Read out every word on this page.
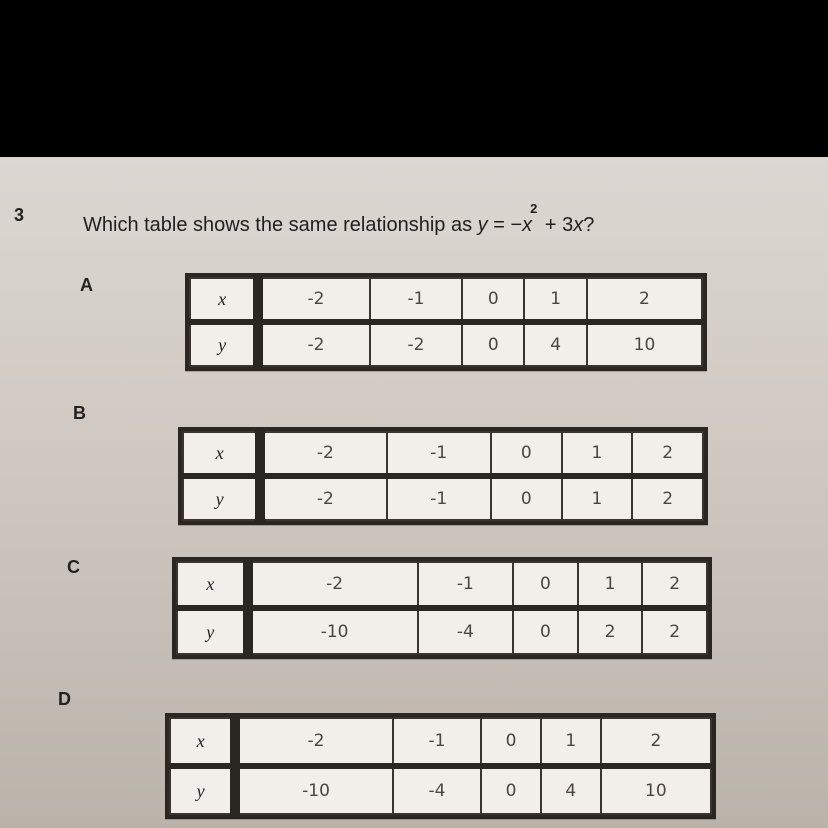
3	Which table shows the same relationship as $y = -x^2 + 3x$?
A
x	-2	-1	0	1	2
y	-2	-2	0	4	10
B
x	-2	-1	0	1	2
y	-2	-1	0	1	2
C
x	-2	-1	0	1	2
y	-10	-4	0	2	2
D
x	-2	-1	0	1	2
y	-10	-4	0	4	10
